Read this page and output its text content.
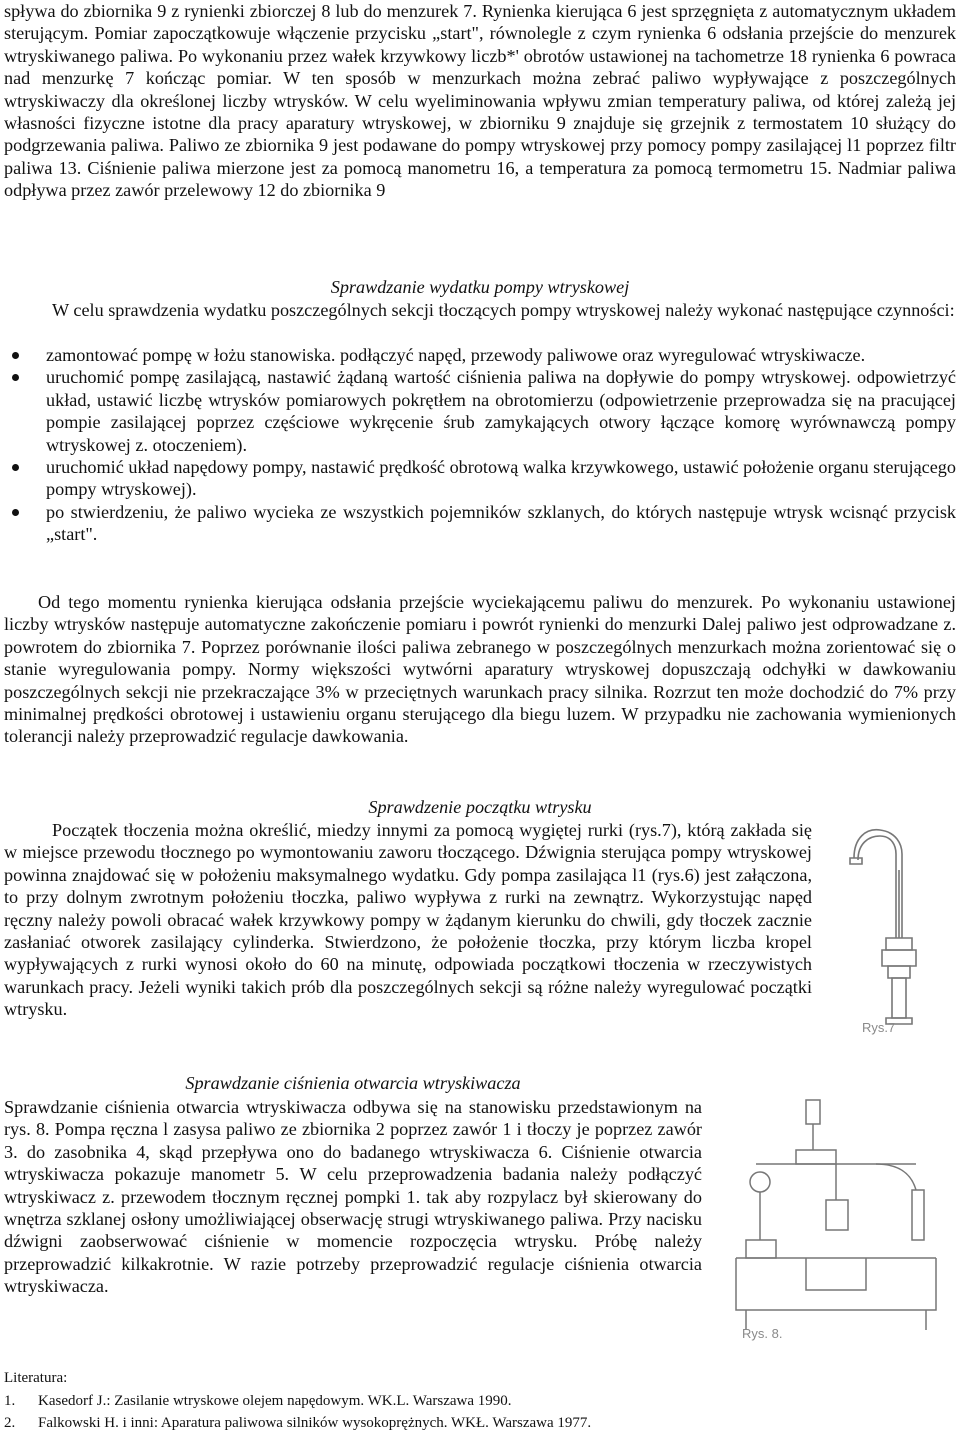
spływa do zbiornika 9 z rynienki zbiorczej 8 lub do menzurek 7. Rynienka kierująca 6 jest sprzęgnięta z automatycznym układem sterującym. Pomiar zapoczątkowuje włączenie przycisku „start", równolegle z czym rynienka 6 odsłania przejście do menzurek wtryskiwanego paliwa. Po wykonaniu przez wałek krzywkowy liczb*' obrotów ustawionej na tachometrze 18 rynienka 6 powraca nad menzurkę 7 kończąc pomiar. W ten sposób w menzurkach można zebrać paliwo wypływające z poszczególnych wtryskiwaczy dla określonej liczby wtrysków. W celu wyeliminowania wpływu zmian temperatury paliwa, od której zależą jej własności fizyczne istotne dla pracy aparatury wtryskowej, w zbiorniku 9 znajduje się grzejnik z termostatem 10 służący do podgrzewania paliwa. Paliwo ze zbiornika 9 jest podawane do pompy wtryskowej przy pomocy pompy zasilającej l1 poprzez filtr paliwa 13. Ciśnienie paliwa mierzone jest za pomocą manometru 16, a temperatura za pomocą termometru 15. Nadmiar paliwa odpływa przez zawór przelewowy 12 do zbiornika 9

Sprawdzanie wydatku pompy wtryskowej

W celu sprawdzenia wydatku poszczególnych sekcji tłoczących pompy wtryskowej należy wykonać następujące czynności:

zamontować pompę w łożu stanowiska. podłączyć napęd, przewody paliwowe oraz wyregulować wtryskiwacze.
uruchomić pompę zasilającą, nastawić żądaną wartość ciśnienia paliwa na dopływie do pompy wtryskowej. odpowietrzyć układ, ustawić liczbę wtrysków pomiarowych pokrętłem na obrotomierzu (odpowietrzenie przeprowadza się na pracującej pompie zasilającej poprzez częściowe wykręcenie śrub zamykających otwory łączące komorę wyrównawczą pompy wtryskowej z. otoczeniem).
uruchomić układ napędowy pompy, nastawić prędkość obrotową walka krzywkowego, ustawić położenie organu sterującego pompy wtryskowej).
po stwierdzeniu, że paliwo wycieka ze wszystkich pojemników szklanych, do których następuje wtrysk wcisnąć przycisk „start".

Od tego momentu rynienka kierująca odsłania przejście wyciekającemu paliwu do menzurek. Po wykonaniu ustawionej liczby wtrysków następuje automatyczne zakończenie pomiaru i powrót rynienki do menzurki Dalej paliwo jest odprowadzane z. powrotem do zbiornika 7. Poprzez porównanie ilości paliwa zebranego w poszczególnych menzurkach można zorientować się o stanie wyregulowania pompy. Normy większości wytwórni aparatury wtryskowej dopuszczają odchyłki w dawkowaniu poszczególnych sekcji nie przekraczające 3% w przeciętnych warunkach pracy silnika. Rozrzut ten może dochodzić do 7% przy minimalnej prędkości obrotowej i ustawieniu organu sterującego dla biegu luzem. W przypadku nie zachowania wymienionych tolerancji należy przeprowadzić regulacje dawkowania.

Sprawdzenie początku wtrysku

Początek tłoczenia można określić, miedzy innymi za pomocą wygiętej rurki (rys.7), którą zakłada się w miejsce przewodu tłocznego po wymontowaniu zaworu tłoczącego. Dźwignia sterująca pompy wtryskowej powinna znajdować się w położeniu maksymalnego wydatku. Gdy pompa zasilająca l1 (rys.6) jest załączona, to przy dolnym zwrotnym położeniu tłoczka, paliwo wypływa z rurki na zewnątrz. Wykorzystując napęd ręczny należy powoli obracać wałek krzywkowy pompy w żądanym kierunku do chwili, gdy tłoczek zacznie zasłaniać otworek zasilający cylinderka. Stwierdzono, że położenie tłoczka, przy którym liczba kropel wypływających z rurki wynosi około do 60 na minutę, odpowiada początkowi tłoczenia w rzeczywistych warunkach pracy. Jeżeli wyniki takich prób dla poszczególnych sekcji są różne należy wyregulować początki wtrysku.

Rys.7

Sprawdzanie ciśnienia otwarcia wtryskiwacza

Sprawdzanie ciśnienia otwarcia wtryskiwacza odbywa się na stanowisku przedstawionym na rys. 8. Pompa ręczna l zasysa paliwo ze zbiornika 2 poprzez zawór 1 i tłoczy je poprzez zawór 3. do zasobnika 4, skąd przepływa ono do badanego wtryskiwacza 6. Ciśnienie otwarcia wtryskiwacza pokazuje manometr 5. W celu przeprowadzenia badania należy podłączyć wtryskiwacz z. przewodem tłocznym ręcznej pompki 1. tak aby rozpylacz był skierowany do wnętrza szklanej osłony umożliwiającej obserwację strugi wtryskiwanego paliwa. Przy nacisku dźwigni zaobserwować ciśnienie w momencie rozpoczęcia wtrysku. Próbę należy przeprowadzić kilkakrotnie. W razie potrzeby przeprowadzić regulacje ciśnienia otwarcia wtryskiwacza.

Rys. 8.

Literatura:

1.	Kasedorf J.: Zasilanie wtryskowe olejem napędowym. WK.L. Warszawa 1990.
2.	Falkowski H. i inni: Aparatura paliwowa silników wysokoprężnych. WKŁ. Warszawa 1977.
